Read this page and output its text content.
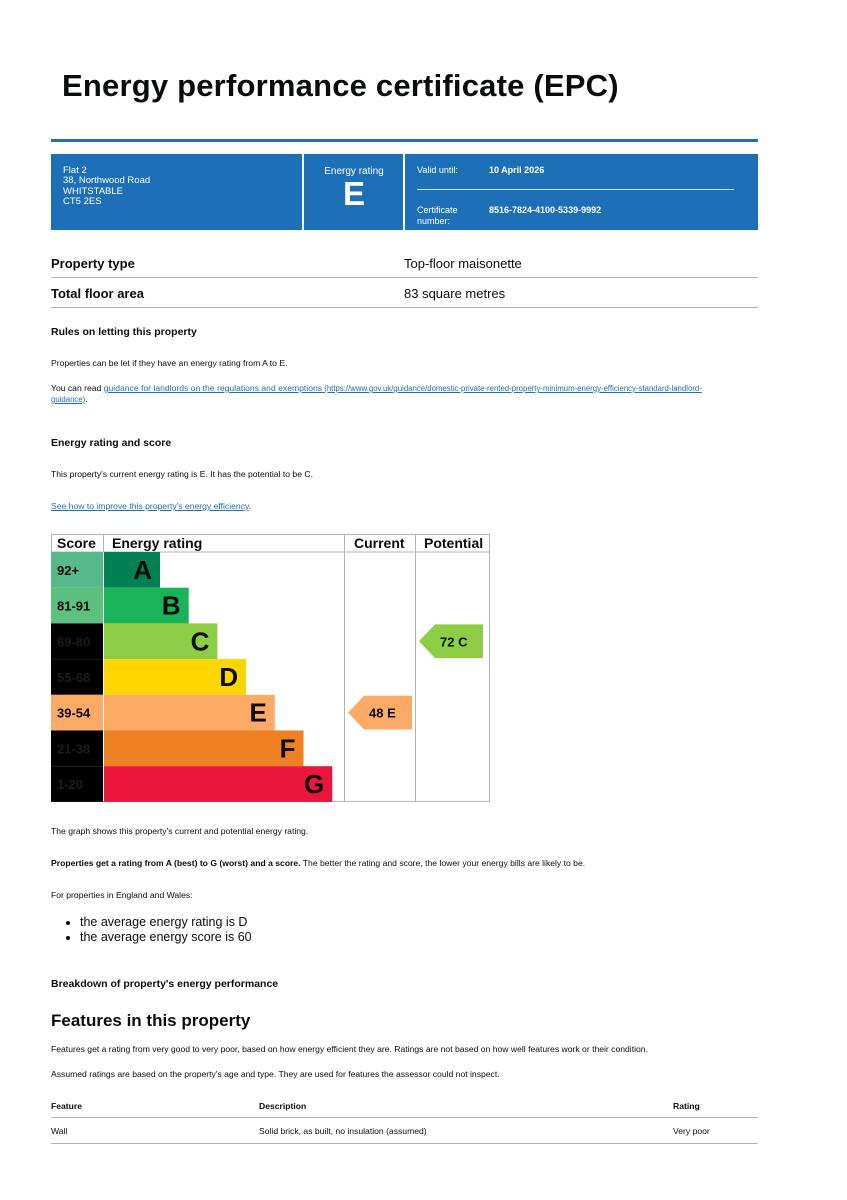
Energy performance certificate (EPC)
Flat 2
38, Northwood Road
WHITSTABLE
CT5 2ES
Energy rating
E
Valid until:	10 April 2026
Certificate
number:
8516-7824-4100-5339-9992
Property type	Top-floor maisonette
Total floor area	83 square metres
Rules on letting this property
Properties can be let if they have an energy rating from A to E.
You can read guidance for landlords on the regulations and exemptions (https://www.gov.uk/guidance/domestic-private-rented-property-minimum-energy-efficiency-standard-landlord-
guidance).
Energy rating and score
This property's current energy rating is E. It has the potential to be C.
See how to improve this property's energy efficiency.
Score Energy rating	Current Potential
92+ A
81-91	B
69-80	C
55-68	D
39-54	E
21-38	F
1-20	G
48 E
72 C
The graph shows this property's current and potential energy rating.
Properties get a rating from A (best) to G (worst) and a score. The better the rating and score, the lower your energy bills are likely to be.
For properties in England and Wales:
• the average energy rating is D
• the average energy score is 60
Breakdown of property's energy performance
Features in this property
Features get a rating from very good to very poor, based on how energy efficient they are. Ratings are not based on how well features work or their condition.
Assumed ratings are based on the property's age and type. They are used for features the assessor could not inspect.
Feature	Description	Rating
Wall	Solid brick, as built, no insulation (assumed)	Very poor
